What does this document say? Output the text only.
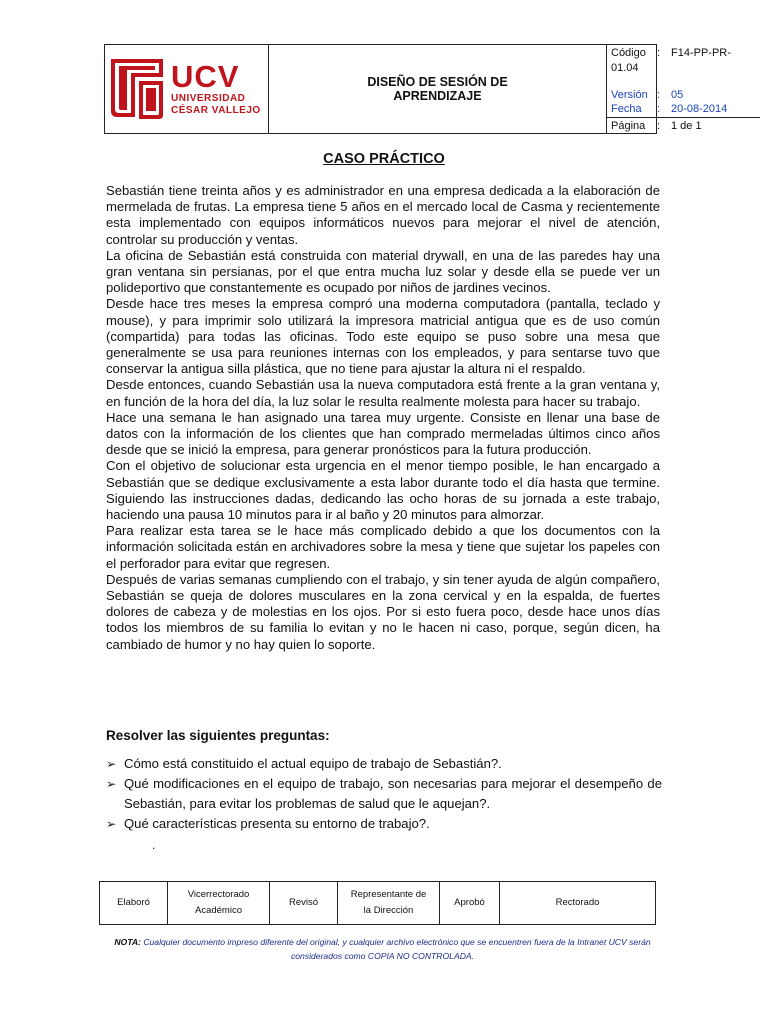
UCV
UNIVERSIDAD
CÉSAR VALLEJO
DISEÑO DE SESIÓN DE APRENDIZAJE
Código : F14-PP-PR-
01.04
Versión : 05
Fecha : 20-08-2014
Página : 1 de 1
CASO PRÁCTICO

Sebastián tiene treinta años y es administrador en una empresa dedicada a la elaboración de mermelada de frutas. La empresa tiene 5 años en el mercado local de Casma y recientemente esta implementado con equipos informáticos nuevos para mejorar el nivel de atención, controlar su producción y ventas.

La oficina de Sebastián está construida con material drywall, en una de las paredes hay una gran ventana sin persianas, por el que entra mucha luz solar y desde ella se puede ver un polideportivo que constantemente es ocupado por niños de jardines vecinos.

Desde hace tres meses la empresa compró una moderna computadora (pantalla, teclado y mouse), y para imprimir solo utilizará la impresora matricial antigua que es de uso común (compartida) para todas las oficinas. Todo este equipo se puso sobre una mesa que generalmente se usa para reuniones internas con los empleados, y para sentarse tuvo que conservar la antigua silla plástica, que no tiene para ajustar la altura ni el respaldo.

Desde entonces, cuando Sebastián usa la nueva computadora está frente a la gran ventana y, en función de la hora del día, la luz solar le resulta realmente molesta para hacer su trabajo.

Hace una semana le han asignado una tarea muy urgente. Consiste en llenar una base de datos con la información de los clientes que han comprado mermeladas últimos cinco años desde que se inició la empresa, para generar pronósticos para la futura producción.

Con el objetivo de solucionar esta urgencia en el menor tiempo posible, le han encargado a Sebastián que se dedique exclusivamente a esta labor durante todo el día hasta que termine. Siguiendo las instrucciones dadas, dedicando las ocho horas de su jornada a este trabajo, haciendo una pausa 10 minutos para ir al baño y 20 minutos para almorzar.

Para realizar esta tarea se le hace más complicado debido a que los documentos con la información solicitada están en archivadores sobre la mesa y tiene que sujetar los papeles con el perforador para evitar que regresen.

Después de varias semanas cumpliendo con el trabajo, y sin tener ayuda de algún compañero, Sebastián se queja de dolores musculares en la zona cervical y en la espalda, de fuertes dolores de cabeza y de molestias en los ojos. Por si esto fuera poco, desde hace unos días todos los miembros de su familia lo evitan y no le hacen ni caso, porque, según dicen, ha cambiado de humor y no hay quien lo soporte.

Resolver las siguientes preguntas:
➢ Cómo está constituido el actual equipo de trabajo de Sebastián?.
➢ Qué modificaciones en el equipo de trabajo, son necesarias para mejorar el desempeño de Sebastián, para evitar los problemas de salud que le aquejan?.
➢ Qué características presenta su entorno de trabajo?.
.
Elaboró
Vicerrectorado Académico
Revisó
Representante de la Dirección
Aprobó	Rectorado
NOTA: Cualquier documento impreso diferente del original, y cualquier archivo electrónico que se encuentren fuera de la Intranet UCV serán considerados como COPIA NO CONTROLADA.
